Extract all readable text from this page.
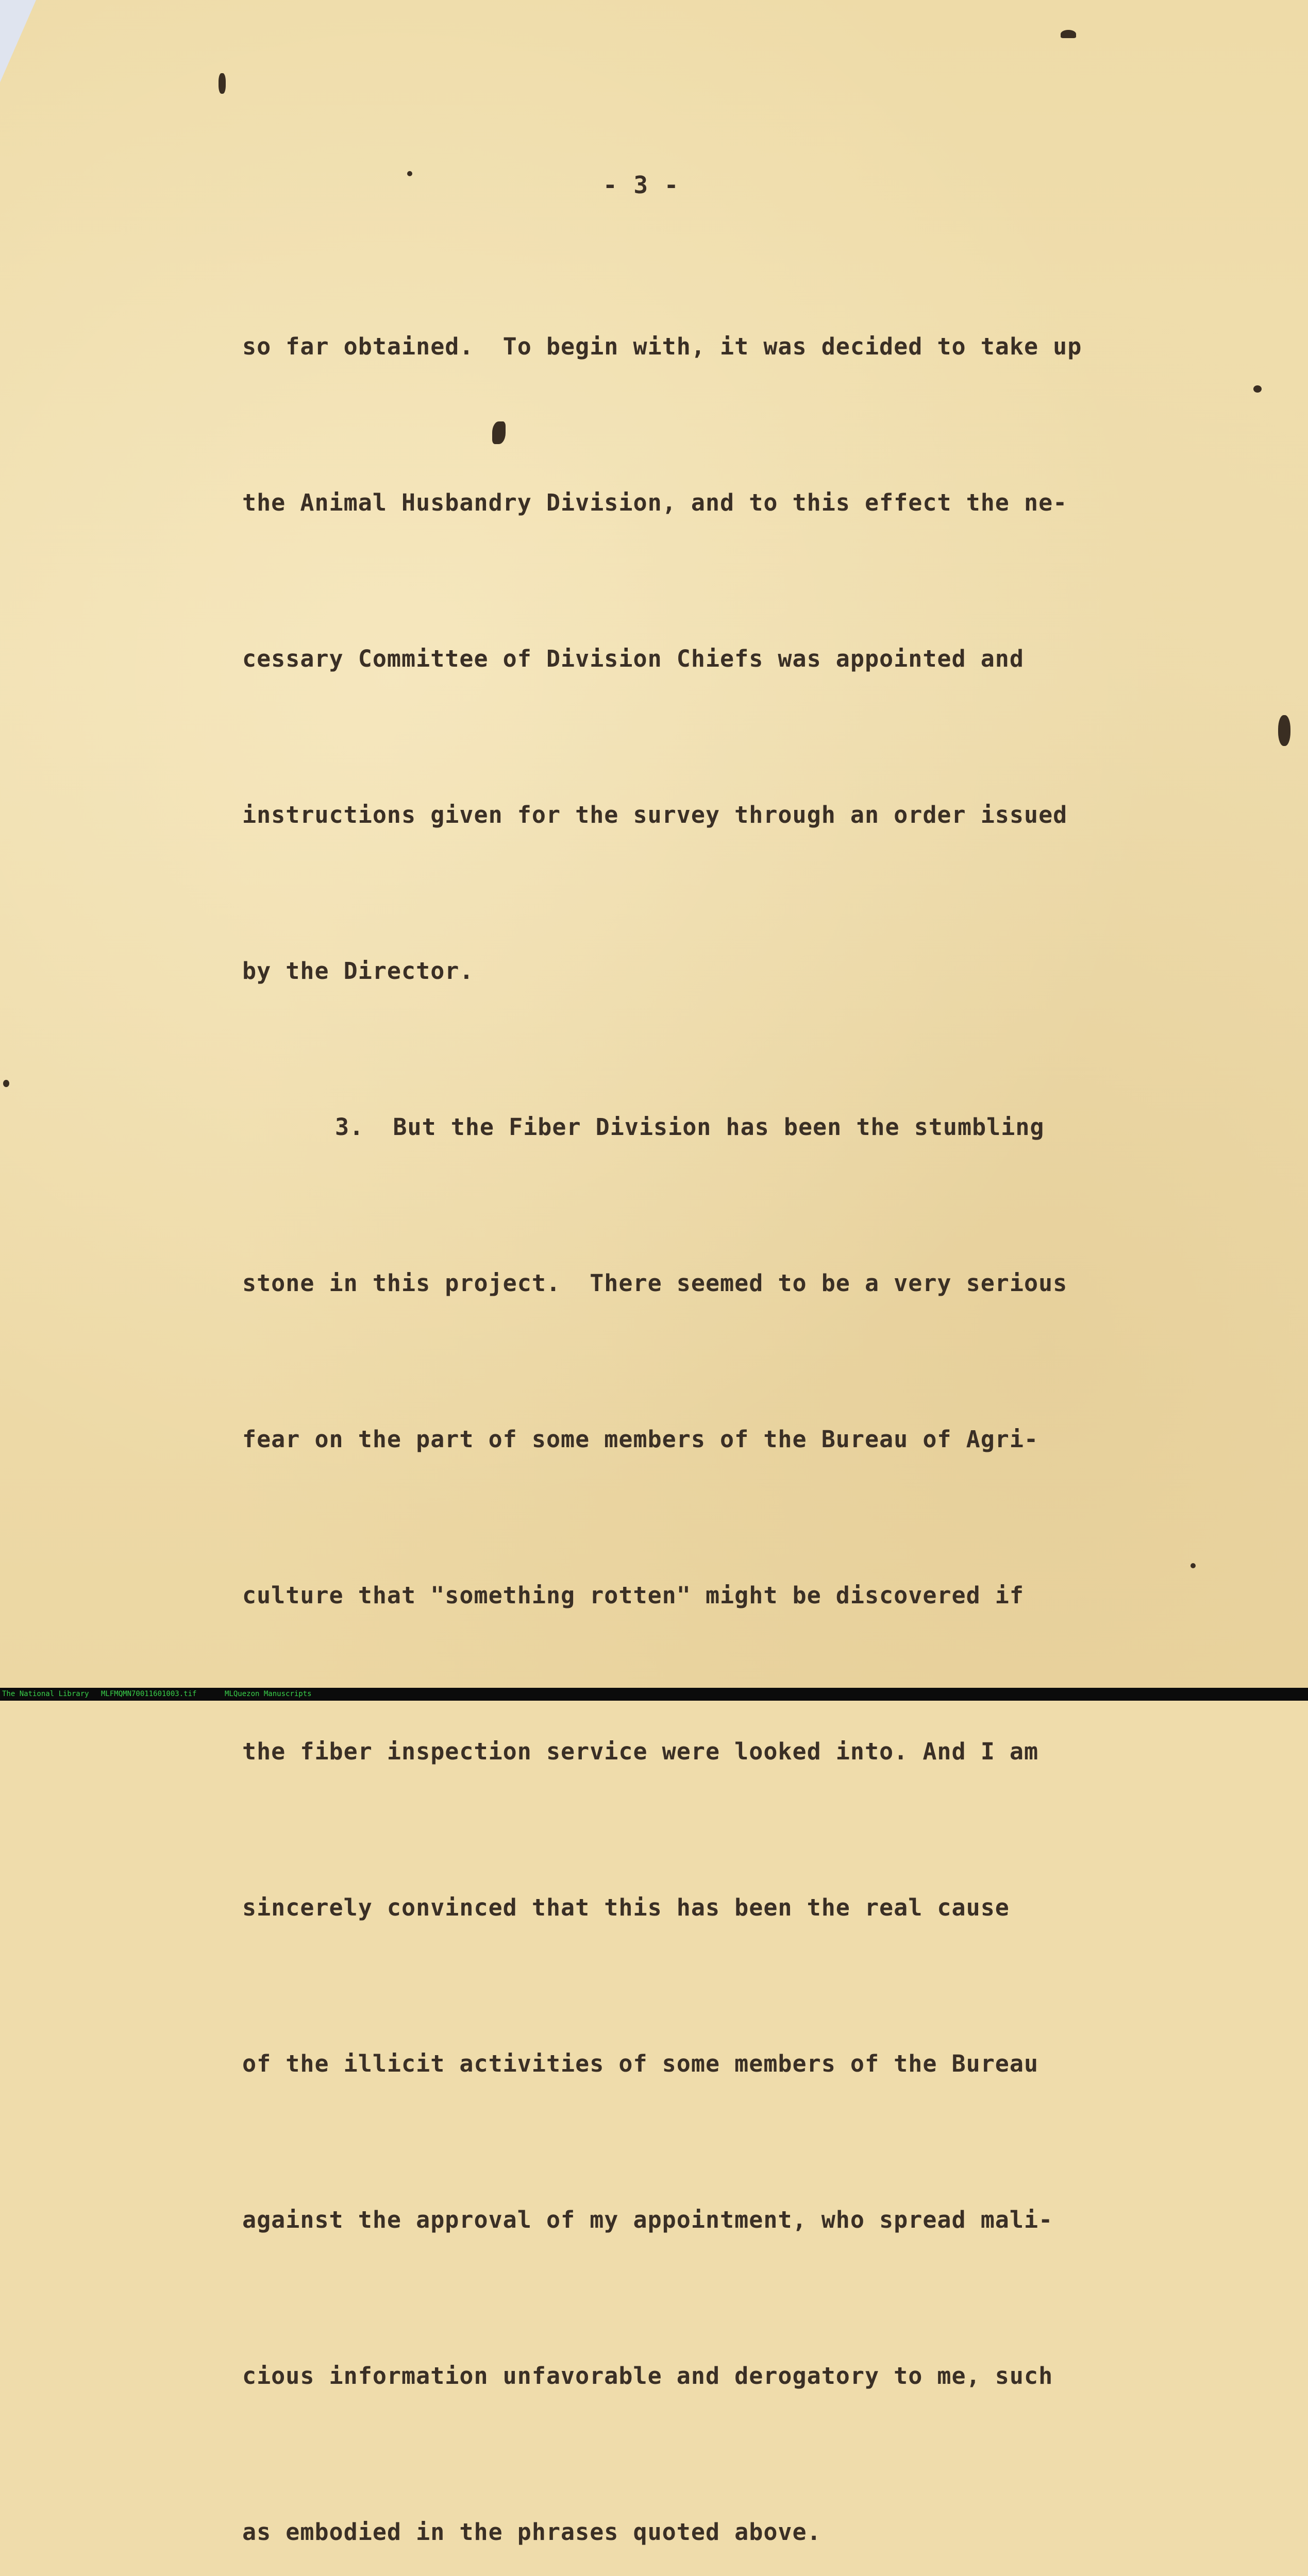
- 3 -

so far obtained.  To begin with, it was decided to take up

the Animal Husbandry Division, and to this effect the ne-

cessary Committee of Division Chiefs was appointed and

instructions given for the survey through an order issued

by the Director.

3.  But the Fiber Division has been the stumbling

stone in this project.  There seemed to be a very serious

fear on the part of some members of the Bureau of Agri-

culture that "something rotten" might be discovered if

the fiber inspection service were looked into. And I am

sincerely convinced that this has been the real cause

of the illicit activities of some members of the Bureau

against the approval of my appointment, who spread mali-

cious information unfavorable and derogatory to me, such

as embodied in the phrases quoted above.

The National Library MLFMQMN70011601003.tif	MLQuezon Manuscripts
